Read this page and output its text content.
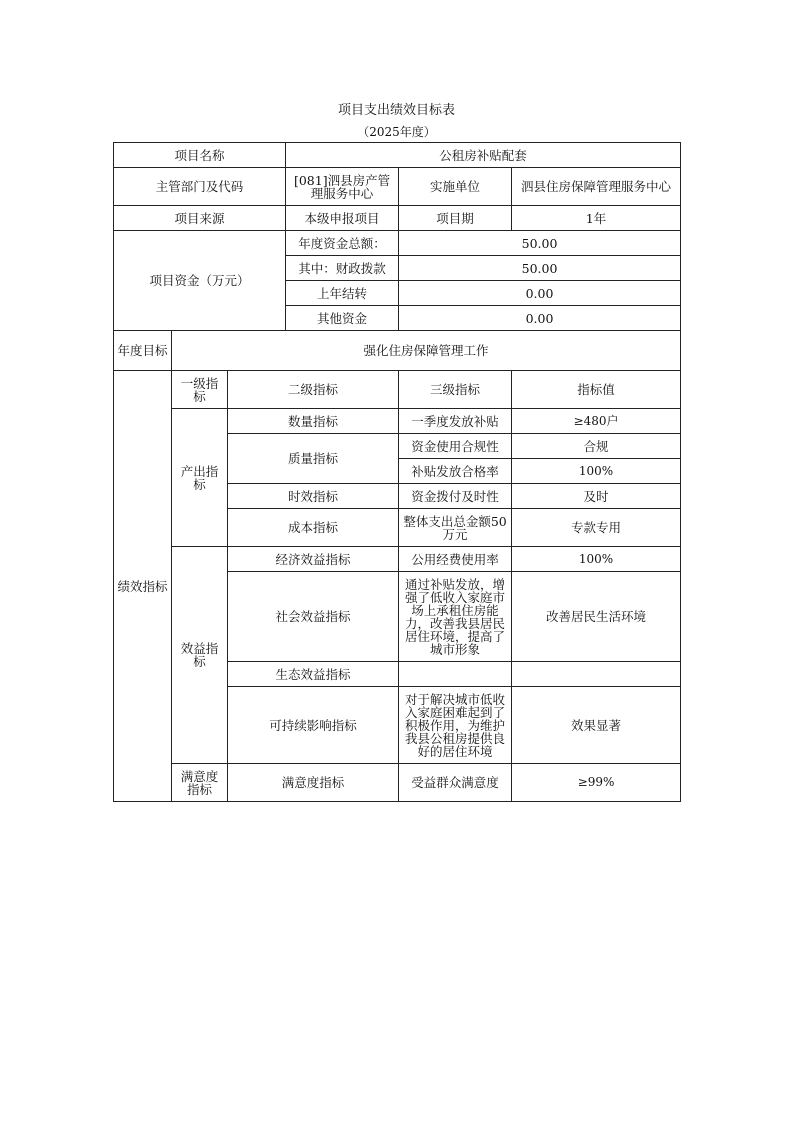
项目支出绩效目标表
（2025年度）
项目名称			公租房补贴配套		
主管部门及代码			[081]泗县房产管理服务中心	实施单位	泗县住房保障管理服务中心
项目来源			本级申报项目	项目期	1年
项目资金（万元）			年度资金总额：	50.00	
			其中：财政拨款	50.00	
			上年结转	0.00	
			其他资金	0.00	
年度目标	强化住房保障管理工作				
绩效指标	一级指标	二级指标		三级指标	指标值
	产出指标	数量指标		一季度发放补贴	≥480户
		质量指标		资金使用合规性	合规
				补贴发放合格率	100%
		时效指标		资金拨付及时性	及时
		成本指标		整体支出总金额50万元	专款专用
	效益指标	经济效益指标		公用经费使用率	100%
		社会效益指标		通过补贴发放，增强了低收入家庭市场上承租住房能力，改善我县居民居住环境，提高了城市形象	改善居民生活环境
		生态效益指标			
		可持续影响指标		对于解决城市低收入家庭困难起到了积极作用，为维护我县公租房提供良好的居住环境	效果显著
	满意度指标	满意度指标		受益群众满意度	≥99%
